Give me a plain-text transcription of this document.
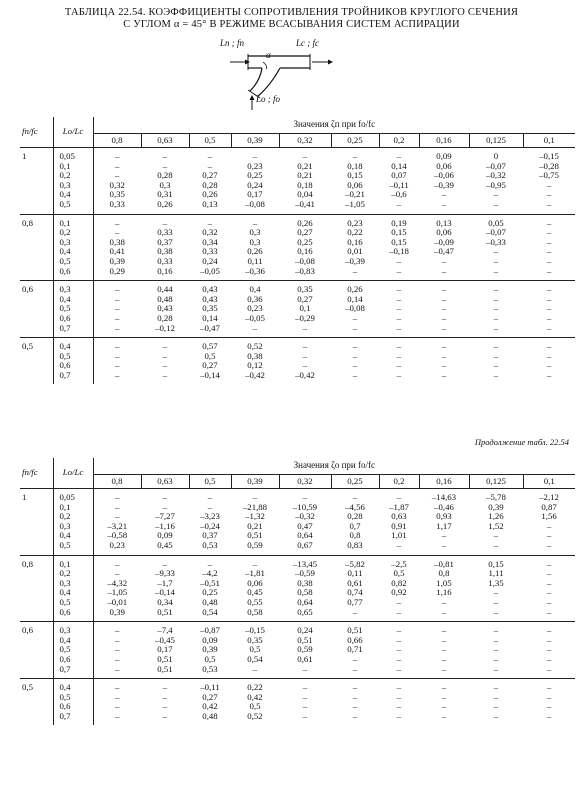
ТАБЛИЦА 22.54. КОЭФФИЦИЕНТЫ СОПРОТИВЛЕНИЯ ТРОЙНИКОВ КРУГЛОГО СЕЧЕНИЯ
С УГЛОМ α = 45° В РЕЖИМЕ ВСАСЫВАНИЯ СИСТЕМ АСПИРАЦИИ
Lп ; fп	Lс ; fс
Lо ; fо
α
fп/fс	Lо/Lс	Значения ζп при fо/fс									
		0,8	0,63	0,5	0,39	0,32	0,25	0,2	0,16	0,125	0,1
1	0,05	–	–	–	–	–	–	–	0,09	0	–0,15
	0,1	–	–	–	0,23	0,21	0,18	0,14	0,06	–0,07	–0,28
	0,2	–	0,28	0,27	0,25	0,21	0,15	0,07	–0,06	–0,32	–0,75
	0,3	0,32	0,3	0,28	0,24	0,18	0,06	–0,11	–0,39	–0,95	–
	0,4	0,35	0,31	0,26	0,17	0,04	–0,21	–0,6	–	–	–
	0,5	0,33	0,26	0,13	–0,08	–0,41	–1,05	–	–	–	–
0,8	0,1	–	–	–	–	0,26	0,23	0,19	0,13	0,05	–
	0,2	–	0,33	0,32	0,3	0,27	0,22	0,15	0,06	–0,07	–
	0,3	0,38	0,37	0,34	0,3	0,25	0,16	0,15	–0,09	–0,33	–
	0,4	0,41	0,38	0,33	0,26	0,16	0,01	–0,18	–0,47	–	–
	0,5	0,39	0,33	0,24	0,11	–0,08	–0,39	–	–	–	–
	0,6	0,29	0,16	–0,05	–0,36	–0,83	–	–	–	–	–
0,6	0,3	–	0,44	0,43	0,4	0,35	0,26	–	–	–	–
	0,4	–	0,48	0,43	0,36	0,27	0,14	–	–	–	–
	0,5	–	0,43	0,35	0,23	0,1	–0,08	–	–	–	–
	0,6	–	0,28	0,14	–0,05	–0,29	–	–	–	–	–
	0,7	–	–0,12	–0,47	–	–	–	–	–	–	–
0,5	0,4	–	–	0,57	0,52	–	–	–	–	–	–
	0,5	–	–	0,5	0,38	–	–	–	–	–	–
	0,6	–	–	0,27	0,12	–	–	–	–	–	–
	0,7	–	–	–0,14	–0,42	–0,42	–	–	–	–	–
Продолжение табл. 22.54
fп/fс	Lо/Lс	Значения ζо при fо/fс									
		0,8	0,63	0,5	0,39	0,32	0,25	0,2	0,16	0,125	0,1
1	0,05	–	–	–	–	–	–	–	–14,63	–5,78	–2,12
	0,1	–	–	–	–21,88	–10,59	–4,56	–1,87	–0,46	0,39	0,87
	0,2	–	–7,27	–3,23	–1,32	–0,32	0,28	0,63	0,93	1,26	1,56
	0,3	–3,21	–1,16	–0,24	0,21	0,47	0,7	0,91	1,17	1,52	–
	0,4	–0,58	0,09	0,37	0,51	0,64	0,8	1,01	–	–	–
	0,5	0,23	0,45	0,53	0,59	0,67	0,83	–	–	–	–
0,8	0,1	–	–	–	–	–13,45	–5,82	–2,5	–0,81	0,15	–
	0,2	–	–9,33	–4,2	–1,81	–0,59	0,11	0,5	0,8	1,11	–
	0,3	–4,32	–1,7	–0,51	0,06	0,38	0,61	0,82	1,05	1,35	–
	0,4	–1,05	–0,14	0,25	0,45	0,58	0,74	0,92	1,16	–	–
	0,5	–0,01	0,34	0,48	0,55	0,64	0,77	–	–	–	–
	0,6	0,39	0,51	0,54	0,58	0,65	–	–	–	–	–
0,6	0,3	–	–7,4	–0,87	–0,15	0,24	0,51	–	–	–	–
	0,4	–	–0,45	0,09	0,35	0,51	0,66	–	–	–	–
	0,5	–	0,17	0,39	0,5	0,59	0,71	–	–	–	–
	0,6	–	0,51	0,5	0,54	0,61	–	–	–	–	–
	0,7	–	0,51	0,53	–	–	–	–	–	–	–
0,5	0,4	–	–	–0,11	0,22	–	–	–	–	–	–
	0,5	–	–	0,27	0,42	–	–	–	–	–	–
	0,6	–	–	0,42	0,5	–	–	–	–	–	–
	0,7	–	–	0,48	0,52	–	–	–	–	–	–
